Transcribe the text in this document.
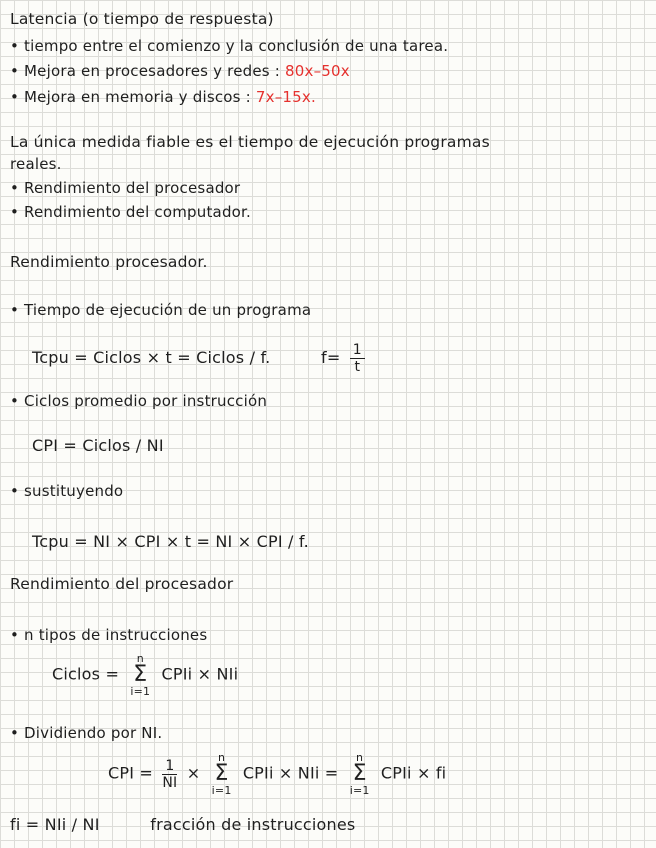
Latencia (o tiempo de respuesta)
• tiempo entre el comienzo y la conclusión de una tarea.
• Mejora en procesadores y redes : 80x–50x
• Mejora en memoria y discos : 7x–15x.
La única medida fiable es el tiempo de ejecución programas
reales.
• Rendimiento del procesador
• Rendimiento del computador.
Rendimiento procesador.
• Tiempo de ejecución de un programa
Tcpu = Ciclos × t = Ciclos / f.	$f= \frac{1}{t}$
• Ciclos promedio por instrucción
CPI = Ciclos / NI
• sustituyendo
Tcpu = NI × CPI × t = NI × CPI / f.
Rendimiento del procesador
• n tipos de instrucciones
Ciclos =
n
Σ
i=1
CPIi × NIi
• Dividiendo por NI.
CPI = $\frac{1}{NI}$ ×
n
Σ
i=1
CPIi × NIi =
n
Σ
i=1
CPIi × fi
fi = NIi / NI	fracción de instrucciones
